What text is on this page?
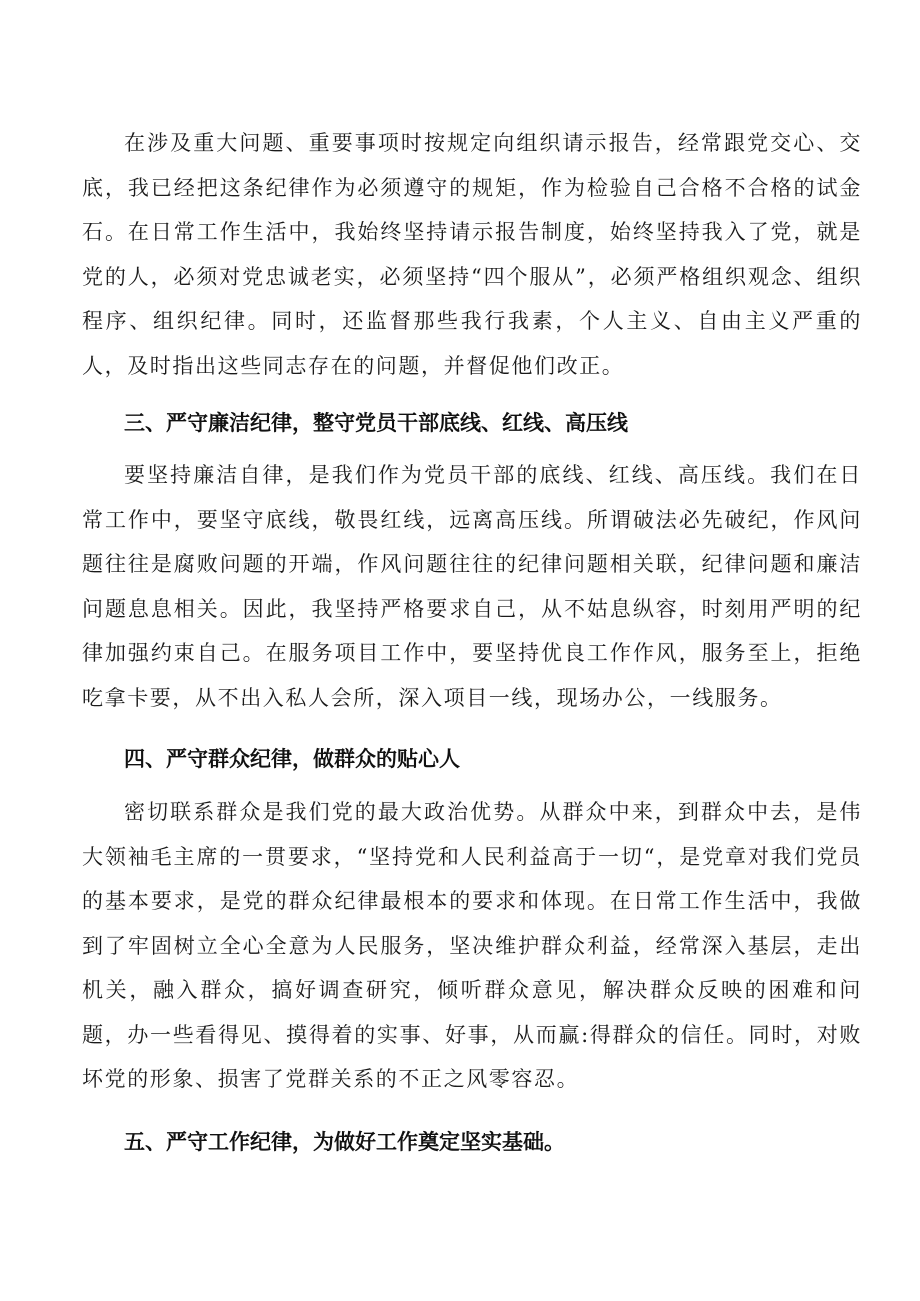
在涉及重大问题、重要事项时按规定向组织请示报告，经常跟党交心、交底，我已经把这条纪律作为必须遵守的规矩，作为检验自己合格不合格的试金石。在日常工作生活中，我始终坚持请示报告制度，始终坚持我入了党，就是党的人，必须对党忠诚老实，必须坚持“四个服从”，必须严格组织观念、组织程序、组织纪律。同时，还监督那些我行我素，个人主义、自由主义严重的人，及时指出这些同志存在的问题，并督促他们改正。

三、严守廉洁纪律，整守党员干部底线、红线、高压线

要坚持廉洁自律，是我们作为党员干部的底线、红线、高压线。我们在日常工作中，要坚守底线，敬畏红线，远离高压线。所谓破法必先破纪，作风问题往往是腐败问题的开端，作风问题往往的纪律问题相关联，纪律问题和廉洁问题息息相关。因此，我坚持严格要求自己，从不姑息纵容，时刻用严明的纪律加强约束自己。在服务项目工作中，要坚持优良工作作风，服务至上，拒绝吃拿卡要，从不出入私人会所，深入项目一线，现场办公，一线服务。

四、严守群众纪律，做群众的贴心人

密切联系群众是我们党的最大政治优势。从群众中来，到群众中去，是伟大领袖毛主席的一贯要求，“坚持党和人民利益高于一切“，是党章对我们党员的基本要求，是党的群众纪律最根本的要求和体现。在日常工作生活中，我做到了牢固树立全心全意为人民服务，坚决维护群众利益，经常深入基层，走出机关，融入群众，搞好调查研究，倾听群众意见，解决群众反映的困难和问题，办一些看得见、摸得着的实事、好事，从而赢:得群众的信任。同时，对败坏党的形象、损害了党群关系的不正之风零容忍。

五、严守工作纪律，为做好工作奠定坚实基础。
